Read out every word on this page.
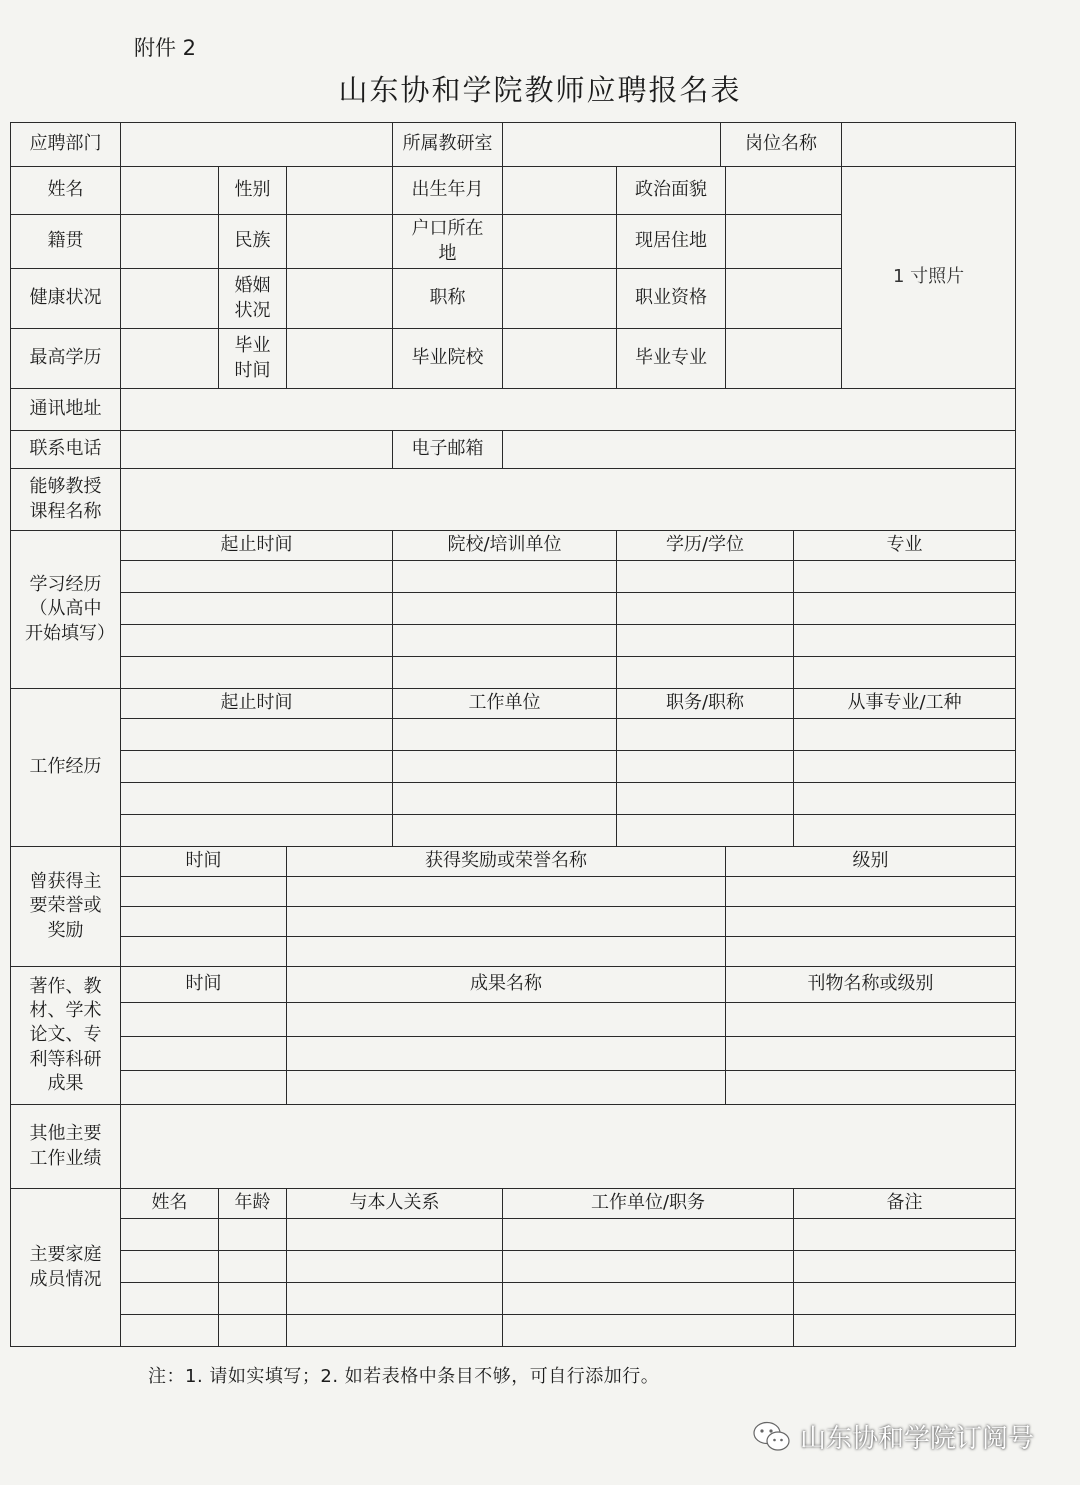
附件 2
山东协和学院教师应聘报名表
应聘部门				所属教研室			岗位名称			
姓名		性别		出生年月		政治面貌				1 寸照片
籍贯		民族		户口所在地		现居住地				
健康状况		婚姻状况		职称		职业资格				
最高学历		毕业时间		毕业院校		毕业专业				
通讯地址										
联系电话				电子邮箱						
能够教授课程名称										
学习经历（从高中开始填写）	起止时间			院校/培训单位		学历/学位			专业	

工作经历	起止时间			工作单位		职务/职称			从事专业/工种	

曾获得主要荣誉或奖励	时间		获得奖励或荣誉名称					级别		

著作、教材、学术论文、专利等科研成果	时间		成果名称					刊物名称或级别		

其他主要工作业绩										
主要家庭成员情况	姓名	年龄	与本人关系		工作单位/职务				备注	

注：1. 请如实填写；2. 如若表格中条目不够，可自行添加行。
山东协和学院订阅号
